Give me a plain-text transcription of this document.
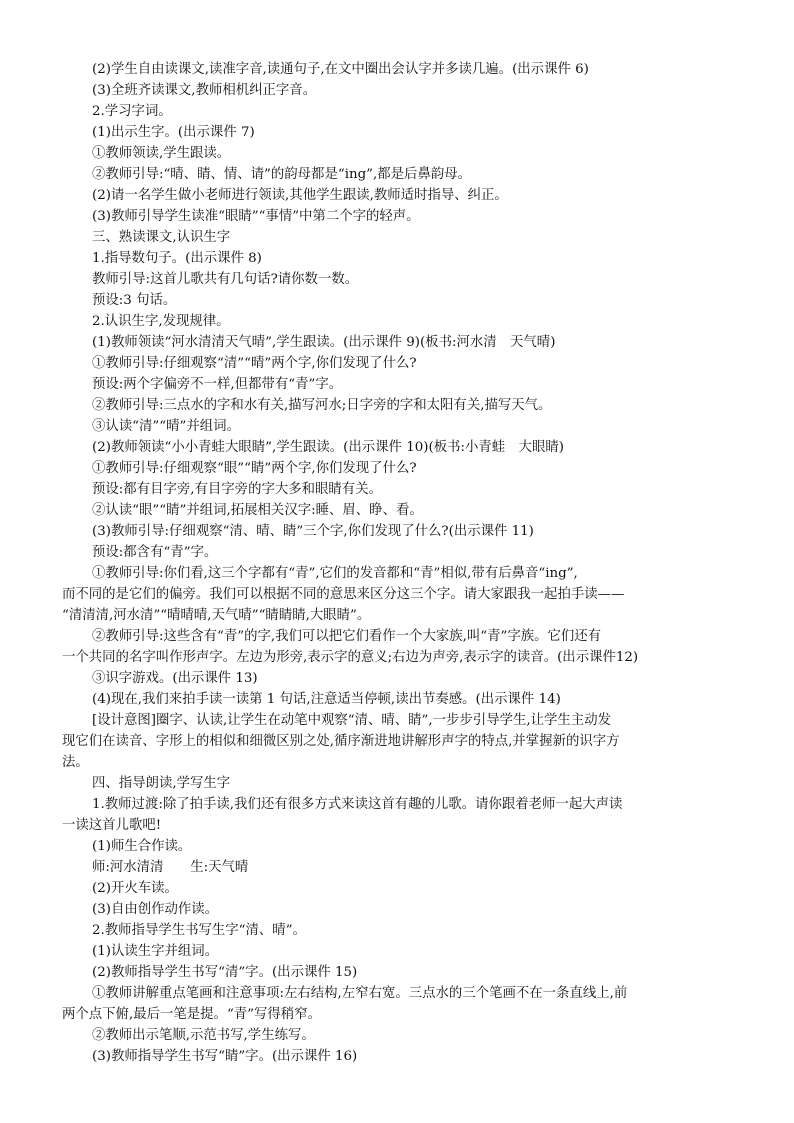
(2)学生自由读课文,读准字音,读通句子,在文中圈出会认字并多读几遍。(出示课件 6)
(3)全班齐读课文,教师相机纠正字音。
2.学习字词。
(1)出示生字。(出示课件 7)
①教师领读,学生跟读。
②教师引导:“晴、睛、情、请”的韵母都是“ing”,都是后鼻韵母。
(2)请一名学生做小老师进行领读,其他学生跟读,教师适时指导、纠正。
(3)教师引导学生读准“眼睛”“事情”中第二个字的轻声。
三、熟读课文,认识生字
1.指导数句子。(出示课件 8)
教师引导:这首儿歌共有几句话?请你数一数。
预设:3 句话。
2.认识生字,发现规律。
(1)教师领读“河水清清天气晴”,学生跟读。(出示课件 9)(板书:河水清　天气晴)
①教师引导:仔细观察“清”“晴”两个字,你们发现了什么?
预设:两个字偏旁不一样,但都带有“青”字。
②教师引导:三点水的字和水有关,描写河水;日字旁的字和太阳有关,描写天气。
③认读“清”“晴”并组词。
(2)教师领读“小小青蛙大眼睛”,学生跟读。(出示课件 10)(板书:小青蛙　大眼睛)
①教师引导:仔细观察“眼”“睛”两个字,你们发现了什么?
预设:都有目字旁,有目字旁的字大多和眼睛有关。
②认读“眼”“睛”并组词,拓展相关汉字:睡、眉、睁、看。
(3)教师引导:仔细观察“清、晴、睛”三个字,你们发现了什么?(出示课件 11)
预设:都含有“青”字。
①教师引导:你们看,这三个字都有“青”,它们的发音都和“青”相似,带有后鼻音“ing”,
而不同的是它们的偏旁。我们可以根据不同的意思来区分这三个字。请大家跟我一起拍手读——
“清清清,河水清”“晴晴晴,天气晴”“睛睛睛,大眼睛”。
②教师引导:这些含有“青”的字,我们可以把它们看作一个大家族,叫“青”字族。它们还有
一个共同的名字叫作形声字。左边为形旁,表示字的意义;右边为声旁,表示字的读音。(出示课件12)
③识字游戏。(出示课件 13)
(4)现在,我们来拍手读一读第 1 句话,注意适当停顿,读出节奏感。(出示课件 14)
[设计意图]圈字、认读,让学生在动笔中观察“清、晴、睛”,一步步引导学生,让学生主动发
现它们在读音、字形上的相似和细微区别之处,循序渐进地讲解形声字的特点,并掌握新的识字方
法。
四、指导朗读,学写生字
1.教师过渡:除了拍手读,我们还有很多方式来读这首有趣的儿歌。请你跟着老师一起大声读
一读这首儿歌吧!
(1)师生合作读。
师:河水清清　　生:天气晴
(2)开火车读。
(3)自由创作动作读。
2.教师指导学生书写生字“清、晴”。
(1)认读生字并组词。
(2)教师指导学生书写“清”字。(出示课件 15)
①教师讲解重点笔画和注意事项:左右结构,左窄右宽。三点水的三个笔画不在一条直线上,前
两个点下俯,最后一笔是提。“青”写得稍窄。
②教师出示笔顺,示范书写,学生练写。
(3)教师指导学生书写“睛”字。(出示课件 16)
